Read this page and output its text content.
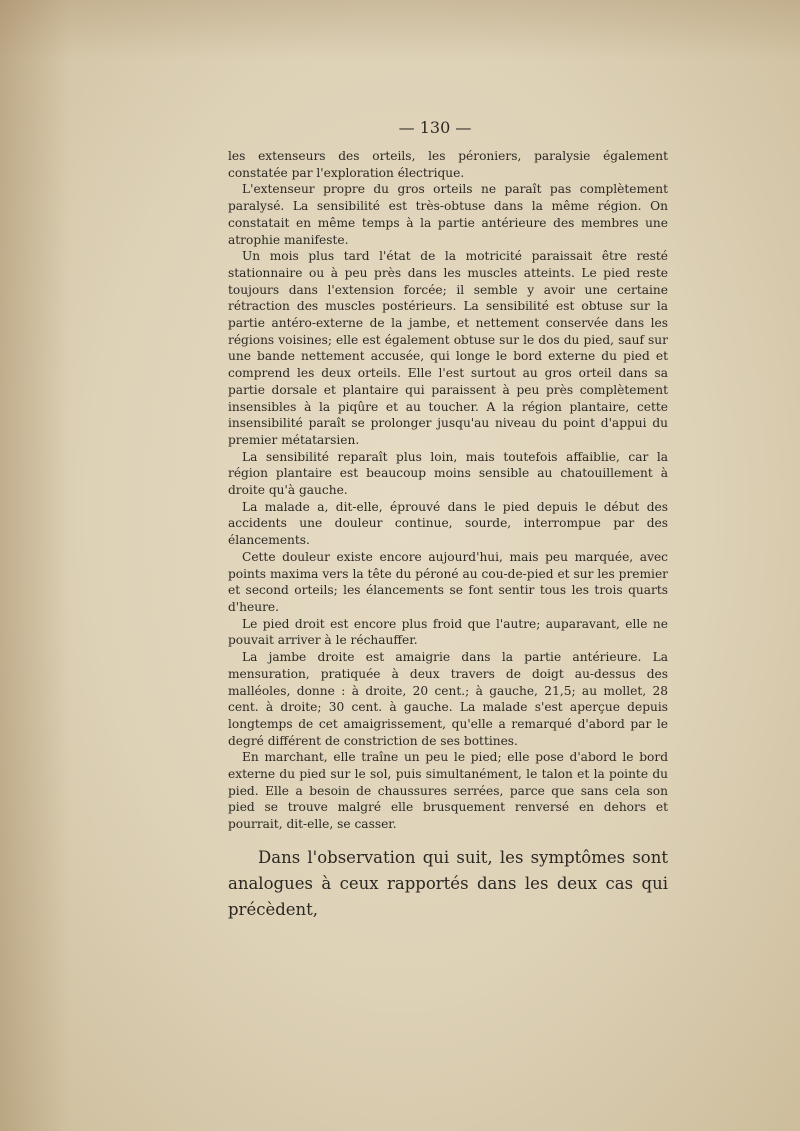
— 130 —

les extenseurs des orteils, les péroniers, paralysie également constatée par l'exploration électrique.

L'extenseur propre du gros orteils ne paraît pas complètement paralysé. La sensibilité est très-obtuse dans la même région. On constatait en même temps à la partie antérieure des membres une atrophie manifeste.

Un mois plus tard l'état de la motricité paraissait être resté stationnaire ou à peu près dans les muscles atteints. Le pied reste toujours dans l'extension forcée; il semble y avoir une certaine rétraction des muscles postérieurs. La sensibilité est obtuse sur la partie antéro-externe de la jambe, et nettement conservée dans les régions voisines; elle est également obtuse sur le dos du pied, sauf sur une bande nettement accusée, qui longe le bord externe du pied et comprend les deux orteils. Elle l'est surtout au gros orteil dans sa partie dorsale et plantaire qui paraissent à peu près complètement insensibles à la piqûre et au toucher. A la région plantaire, cette insensibilité paraît se prolonger jusqu'au niveau du point d'appui du premier métatarsien.

La sensibilité reparaît plus loin, mais toutefois affaiblie, car la région plantaire est beaucoup moins sensible au chatouillement à droite qu'à gauche.

La malade a, dit-elle, éprouvé dans le pied depuis le début des accidents une douleur continue, sourde, interrompue par des élancements.

Cette douleur existe encore aujourd'hui, mais peu marquée, avec points maxima vers la tête du péroné au cou-de-pied et sur les premier et second orteils; les élancements se font sentir tous les trois quarts d'heure.

Le pied droit est encore plus froid que l'autre; auparavant, elle ne pouvait arriver à le réchauffer.

La jambe droite est amaigrie dans la partie antérieure. La mensuration, pratiquée à deux travers de doigt au-dessus des malléoles, donne : à droite, 20 cent.; à gauche, 21,5; au mollet, 28 cent. à droite; 30 cent. à gauche. La malade s'est aperçue depuis longtemps de cet amaigrissement, qu'elle a remarqué d'abord par le degré différent de constriction de ses bottines.

En marchant, elle traîne un peu le pied; elle pose d'abord le bord externe du pied sur le sol, puis simultanément, le talon et la pointe du pied. Elle a besoin de chaussures serrées, parce que sans cela son pied se trouve malgré elle brusquement renversé en dehors et pourrait, dit-elle, se casser.

Dans l'observation qui suit, les symptômes sont analogues à ceux rapportés dans les deux cas qui précèdent,
